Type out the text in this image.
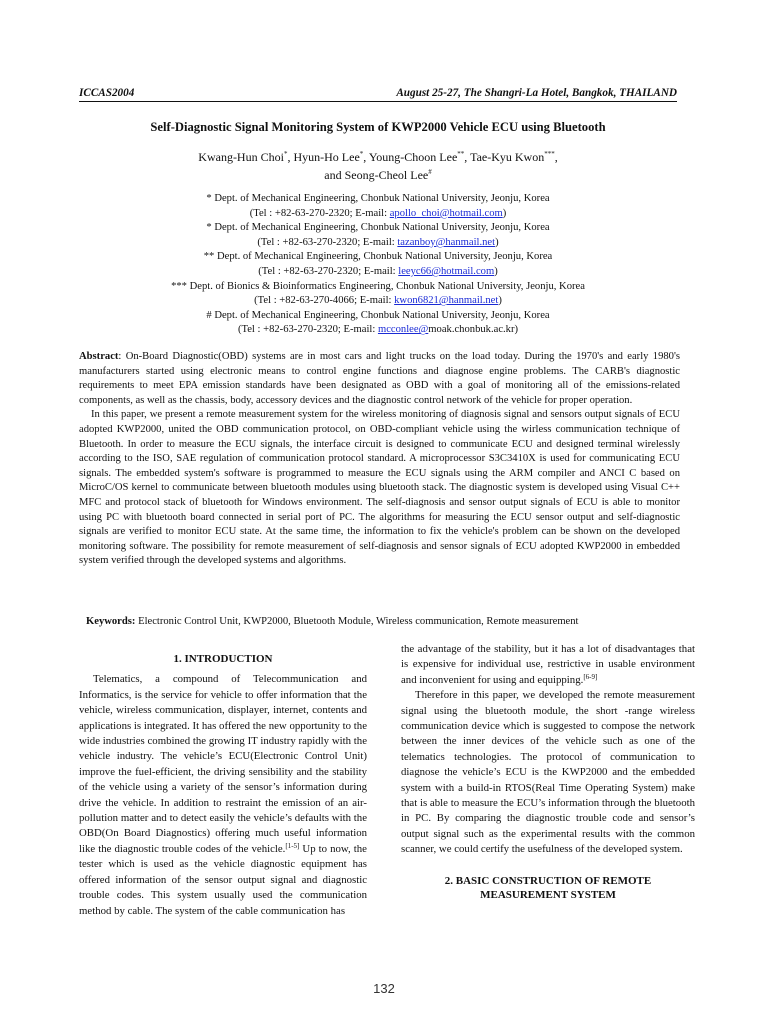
ICCAS2004	August 25-27, The Shangri-La Hotel, Bangkok, THAILAND
Self-Diagnostic Signal Monitoring System of KWP2000 Vehicle ECU using Bluetooth
Kwang-Hun Choi*, Hyun-Ho Lee*, Young-Choon Lee**, Tae-Kyu Kwon***,
and Seong-Cheol Lee#
* Dept. of Mechanical Engineering, Chonbuk National University, Jeonju, Korea
(Tel : +82-63-270-2320; E-mail: apollo_choi@hotmail.com)
* Dept. of Mechanical Engineering, Chonbuk National University, Jeonju, Korea
(Tel : +82-63-270-2320; E-mail: tazanboy@hanmail.net)
** Dept. of Mechanical Engineering, Chonbuk National University, Jeonju, Korea
(Tel : +82-63-270-2320; E-mail: leeyc66@hotmail.com)
*** Dept. of Bionics & Bioinformatics Engineering, Chonbuk National University, Jeonju, Korea
(Tel : +82-63-270-4066; E-mail: kwon6821@hanmail.net)
# Dept. of Mechanical Engineering, Chonbuk National University, Jeonju, Korea
(Tel : +82-63-270-2320; E-mail: mcconlee@moak.chonbuk.ac.kr)

Abstract: On-Board Diagnostic(OBD) systems are in most cars and light trucks on the load today. During the 1970's and early 1980's manufacturers started using electronic means to control engine functions and diagnose engine problems. The CARB's diagnostic requirements to meet EPA emission standards have been designated as OBD with a goal of monitoring all of the emissions-related components, as well as the chassis, body, accessory devices and the diagnostic control network of the vehicle for proper operation.

In this paper, we present a remote measurement system for the wireless monitoring of diagnosis signal and sensors output signals of ECU adopted KWP2000, united the OBD communication protocol, on OBD-compliant vehicle using the wirless communication technique of Bluetooth. In order to measure the ECU signals, the interface circuit is designed to communicate ECU and designed terminal wirelessly according to the ISO, SAE regulation of communication protocol standard. A microprocessor S3C3410X is used for communicating ECU signals. The embedded system's software is programmed to measure the ECU signals using the ARM compiler and ANCI C based on MicroC/OS kernel to communicate between bluetooth modules using bluetooth stack. The diagnostic system is developed using Visual C++ MFC and protocol stack of bluetooth for Windows environment. The self-diagnosis and sensor output signals of ECU is able to monitor using PC with bluetooth board connected in serial port of PC. The algorithms for measuring the ECU sensor output and self-diagnostic signals are verified to monitor ECU state. At the same time, the information to fix the vehicle's problem can be shown on the developed monitoring software. The possibility for remote measurement of self-diagnosis and sensor signals of ECU adopted KWP2000 in embedded system verified through the developed systems and algorithms.

Keywords: Electronic Control Unit, KWP2000, Bluetooth Module, Wireless communication, Remote measurement

1. INTRODUCTION

Telematics, a compound of Telecommunication and Informatics, is the service for vehicle to offer information that the vehicle, wireless communication, displayer, internet, contents and applications is integrated. It has offered the new opportunity to the wide industries combined the growing IT industry rapidly with the vehicle industry. The vehicle’s ECU(Electronic Control Unit) improve the fuel-efficient, the driving sensibility and the stability of the vehicle using a variety of the sensor’s information during drive the vehicle. In addition to restraint the emission of an air-pollution matter and to detect easily the vehicle’s defaults with the OBD(On Board Diagnostics) offering much useful information like the diagnostic trouble codes of the vehicle.[1-5] Up to now, the tester which is used as the vehicle diagnostic equipment has offered information of the sensor output signal and diagnostic trouble codes. This system usually used the communication method by cable. The system of the cable communication has

the advantage of the stability, but it has a lot of disadvantages that is expensive for individual use, restrictive in usable environment and inconvenient for using and equipping.[6-9]

Therefore in this paper, we developed the remote measurement signal using the bluetooth module, the short -range wireless communication device which is suggested to compose the network between the inner devices of the vehicle such as one of the telematics technologies. The protocol of communication to diagnose the vehicle’s ECU is the KWP2000 and the embedded system with a build-in RTOS(Real Time Operating System) make that is able to measure the ECU’s information through the bluetooth in PC. By comparing the diagnostic trouble code and sensor’s output signal such as the experimental results with the common scanner, we could certify the usefulness of the developed system.

2. BASIC CONSTRUCTION OF REMOTE
MEASUREMENT SYSTEM

132
